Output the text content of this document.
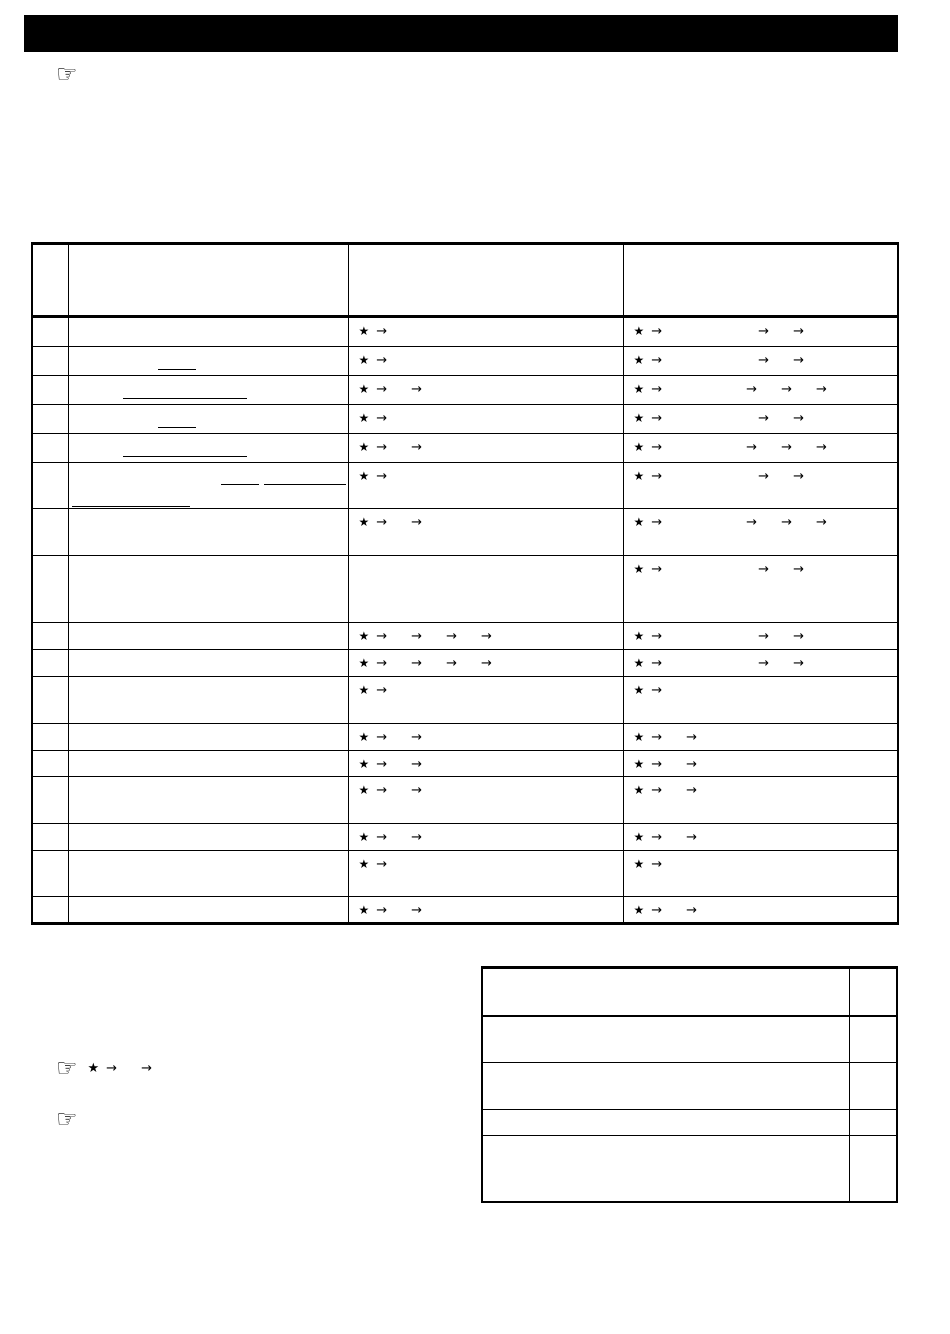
☞

		★ →	★ → → →

		★ →	★ → → →

		★ → →	★ → → → →

		★ →	★ → → →

		★ → →	★ → → → →

		★ →	★ → → →

		★ → →	★ → → → →

			★ → → →

		★ → → → →	★ → → →

		★ → → → →	★ → → →

		★ →	★ →

		★ → →	★ → →

		★ → →	★ → →

		★ → →	★ → →

		★ → →	★ → →

		★ →	★ →

		★ → →	★ → →
☞ ★ → →
☞
